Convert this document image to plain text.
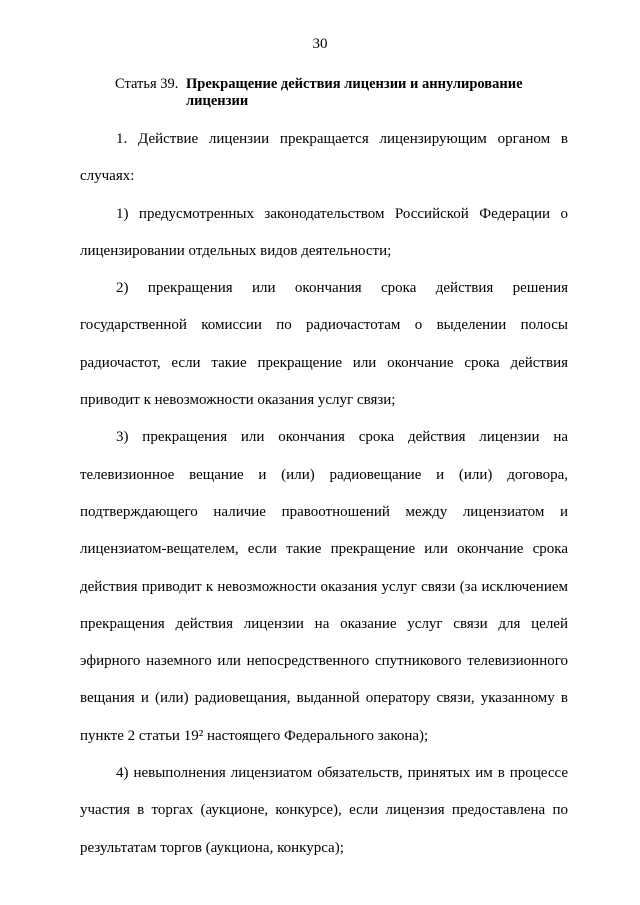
30
Статья 39. Прекращение действия лицензии и аннулирование лицензии

1. Действие лицензии прекращается лицензирующим органом в случаях:

1) предусмотренных законодательством Российской Федерации о лицензировании отдельных видов деятельности;

2) прекращения или окончания срока действия решения государственной комиссии по радиочастотам о выделении полосы радиочастот, если такие прекращение или окончание срока действия приводит к невозможности оказания услуг связи;

3) прекращения или окончания срока действия лицензии на телевизионное вещание и (или) радиовещание и (или) договора, подтверждающего наличие правоотношений между лицензиатом и лицензиатом-вещателем, если такие прекращение или окончание срока действия приводит к невозможности оказания услуг связи (за исключением прекращения действия лицензии на оказание услуг связи для целей эфирного наземного или непосредственного спутникового телевизионного вещания и (или) радиовещания, выданной оператору связи, указанному в пункте 2 статьи 19² настоящего Федерального закона);

4) невыполнения лицензиатом обязательств, принятых им в процессе участия в торгах (аукционе, конкурсе), если лицензия предоставлена по результатам торгов (аукциона, конкурса);
